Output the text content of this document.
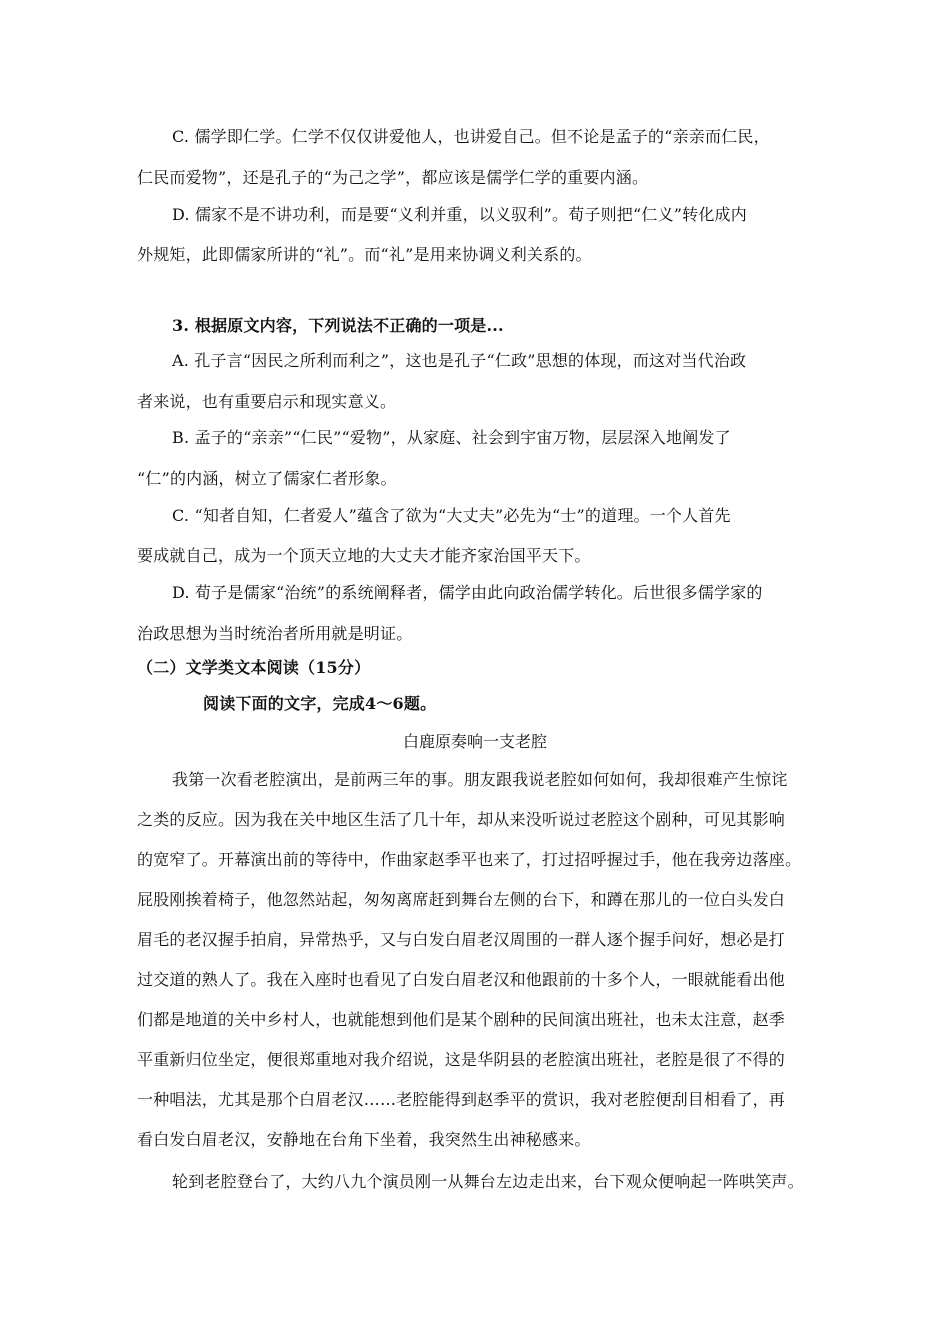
C. 儒学即仁学。仁学不仅仅讲爱他人，也讲爱自己。但不论是孟子的“亲亲而仁民，
仁民而爱物”，还是孔子的“为己之学”，都应该是儒学仁学的重要内涵。
D. 儒家不是不讲功利，而是要“义利并重，以义驭利”。荀子则把“仁义”转化成内
外规矩，此即儒家所讲的“礼”。而“礼”是用来协调义利关系的。
3. 根据原文内容，下列说法不正确的一项是...
A. 孔子言“因民之所利而利之”，这也是孔子“仁政”思想的体现，而这对当代治政
者来说，也有重要启示和现实意义。
B. 孟子的“亲亲”“仁民”“爱物”，从家庭、社会到宇宙万物，层层深入地阐发了
“仁”的内涵，树立了儒家仁者形象。
C. “知者自知，仁者爱人”蕴含了欲为“大丈夫”必先为“士”的道理。一个人首先
要成就自己，成为一个顶天立地的大丈夫才能齐家治国平天下。
D. 荀子是儒家“治统”的系统阐释者，儒学由此向政治儒学转化。后世很多儒学家的
治政思想为当时统治者所用就是明证。
（二）文学类文本阅读（15分）
阅读下面的文字，完成4～6题。
白鹿原奏响一支老腔
我第一次看老腔演出，是前两三年的事。朋友跟我说老腔如何如何，我却很难产生惊诧
之类的反应。因为我在关中地区生活了几十年，却从来没听说过老腔这个剧种，可见其影响
的宽窄了。开幕演出前的等待中，作曲家赵季平也来了，打过招呼握过手，他在我旁边落座。
屁股刚挨着椅子，他忽然站起，匆匆离席赶到舞台左侧的台下，和蹲在那儿的一位白头发白
眉毛的老汉握手拍肩，异常热乎，又与白发白眉老汉周围的一群人逐个握手问好，想必是打
过交道的熟人了。我在入座时也看见了白发白眉老汉和他跟前的十多个人，一眼就能看出他
们都是地道的关中乡村人，也就能想到他们是某个剧种的民间演出班社，也未太注意，赵季
平重新归位坐定，便很郑重地对我介绍说，这是华阴县的老腔演出班社，老腔是很了不得的
一种唱法，尤其是那个白眉老汉……老腔能得到赵季平的赏识，我对老腔便刮目相看了，再
看白发白眉老汉，安静地在台角下坐着，我突然生出神秘感来。
轮到老腔登台了，大约八九个演员刚一从舞台左边走出来，台下观众便响起一阵哄笑声。
